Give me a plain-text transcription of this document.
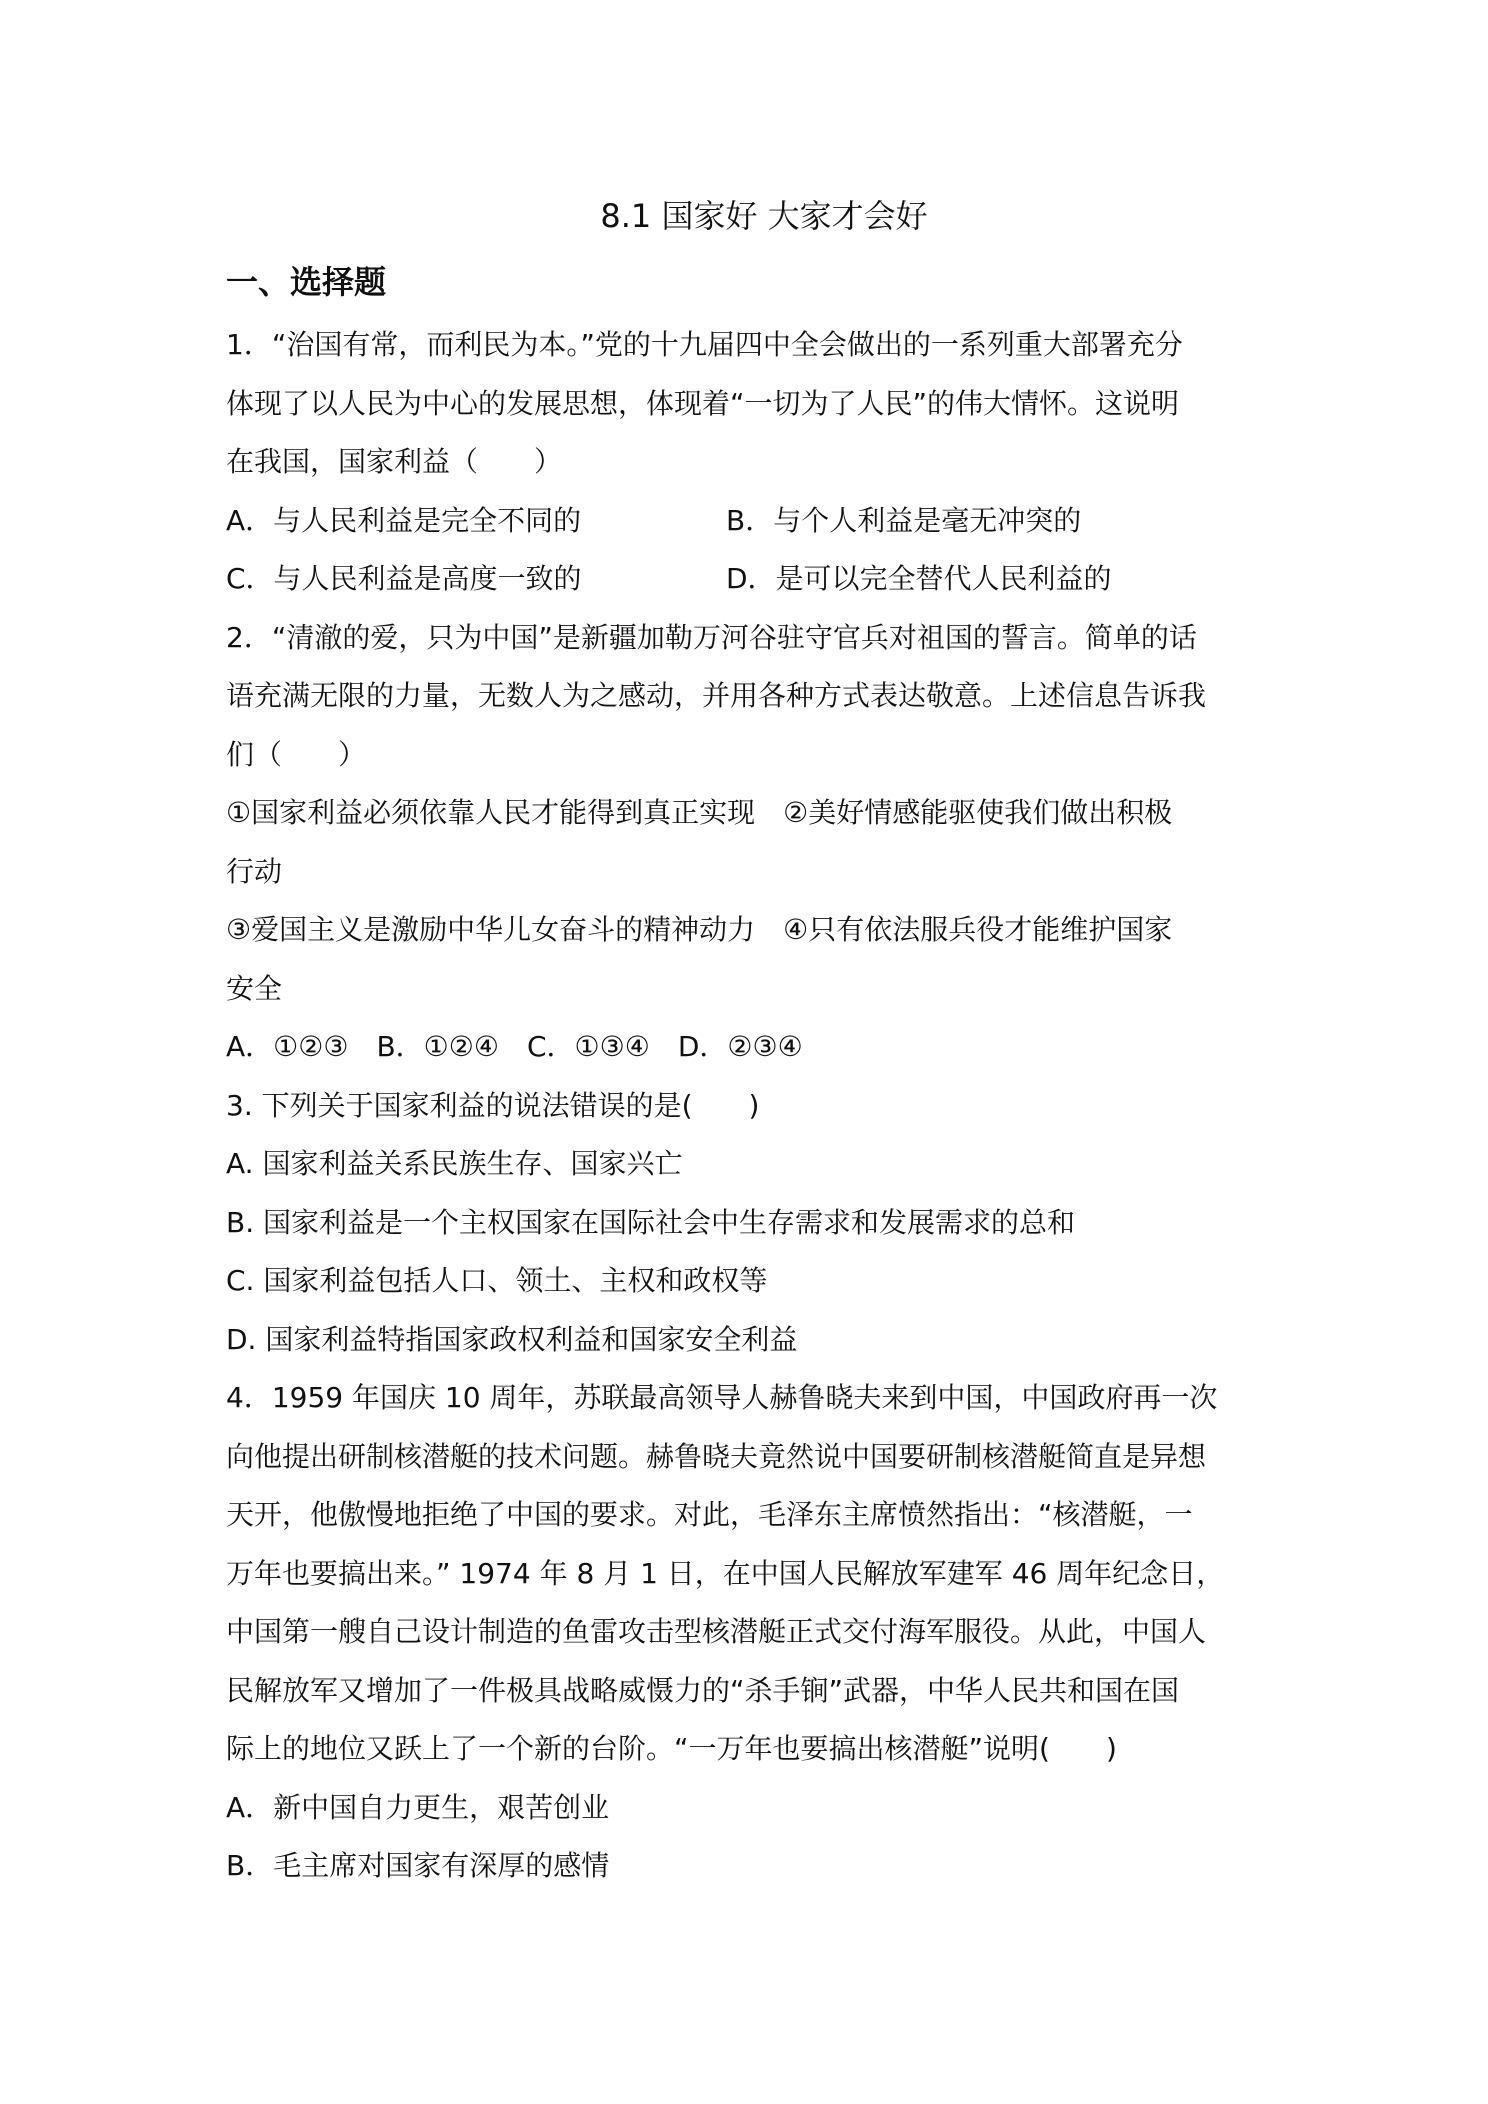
8.1 国家好 大家才会好
一、选择题
1．“治国有常，而利民为本。”党的十九届四中全会做出的一系列重大部署充分
体现了以人民为中心的发展思想，体现着“一切为了人民”的伟大情怀。这说明
在我国，国家利益（　　）
A．与人民利益是完全不同的	B．与个人利益是毫无冲突的
C．与人民利益是高度一致的	D．是可以完全替代人民利益的
2．“清澈的爱，只为中国”是新疆加勒万河谷驻守官兵对祖国的誓言。简单的话
语充满无限的力量，无数人为之感动，并用各种方式表达敬意。上述信息告诉我
们（　　）
①国家利益必须依靠人民才能得到真正实现　②美好情感能驱使我们做出积极
行动
③爱国主义是激励中华儿女奋斗的精神动力　④只有依法服兵役才能维护国家
安全
A．①②③　B．①②④　C．①③④　D．②③④
3. 下列关于国家利益的说法错误的是(　　)
A. 国家利益关系民族生存、国家兴亡
B. 国家利益是一个主权国家在国际社会中生存需求和发展需求的总和
C. 国家利益包括人口、领土、主权和政权等
D. 国家利益特指国家政权利益和国家安全利益
4．1959 年国庆 10 周年，苏联最高领导人赫鲁晓夫来到中国，中国政府再一次
向他提出研制核潜艇的技术问题。赫鲁晓夫竟然说中国要研制核潜艇简直是异想
天开，他傲慢地拒绝了中国的要求。对此，毛泽东主席愤然指出：“核潜艇，一
万年也要搞出来。” 1974 年 8 月 1 日，在中国人民解放军建军 46 周年纪念日，
中国第一艘自己设计制造的鱼雷攻击型核潜艇正式交付海军服役。从此，中国人
民解放军又增加了一件极具战略威慑力的“杀手锏”武器，中华人民共和国在国
际上的地位又跃上了一个新的台阶。“一万年也要搞出核潜艇”说明(　　)
A．新中国自力更生，艰苦创业
B．毛主席对国家有深厚的感情
